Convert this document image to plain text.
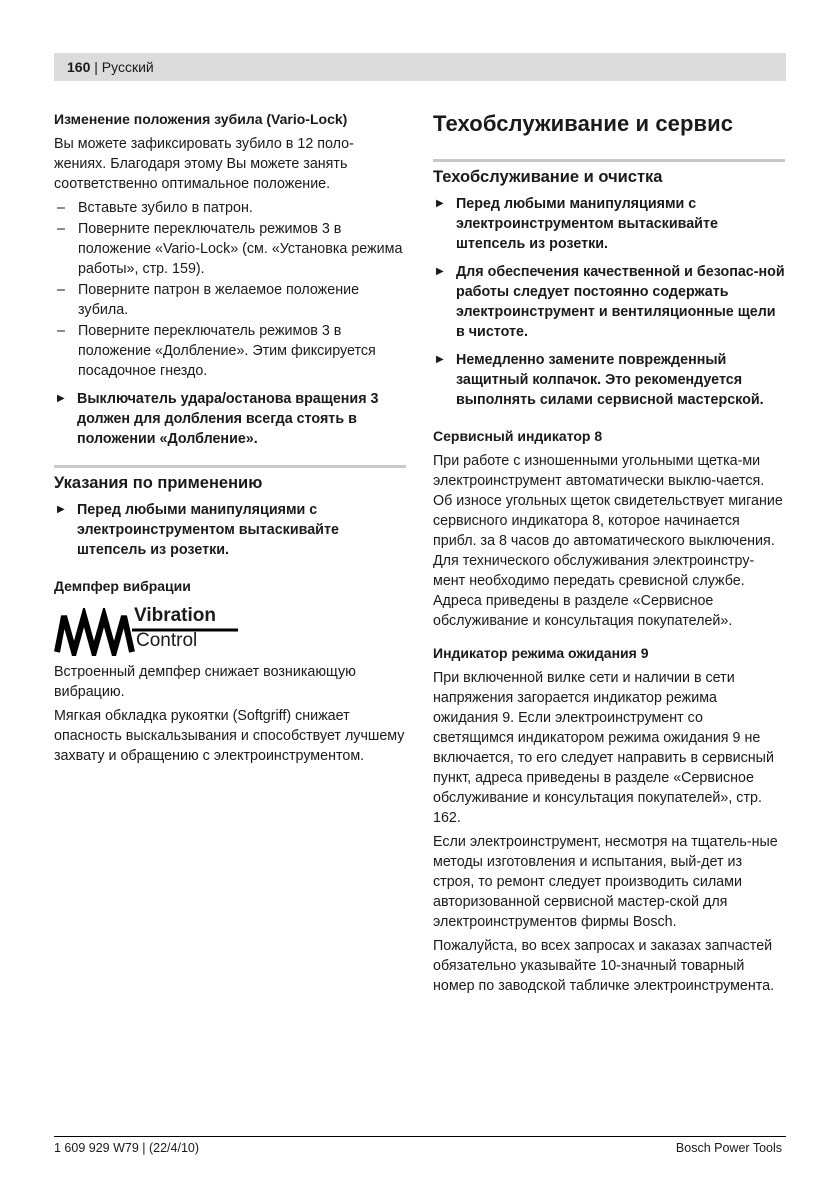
160 | Русский
Изменение положения зубила (Vario-Lock)

Вы можете зафиксировать зубило в 12 поло-жениях. Благодаря этому Вы можете занять соответственно оптимальное положение.

– Вставьте зубило в патрон.
– Поверните переключатель режимов 3 в положение «Vario-Lock» (см. «Установка режима работы», стр. 159).
– Поверните патрон в желаемое положение зубила.
– Поверните переключатель режимов 3 в положение «Долбление». Этим фиксируется посадочное гнездо.
▶ Выключатель удара/останова вращения 3 должен для долбления всегда стоять в положении «Долбление».
Указания по применению
▶ Перед любыми манипуляциями с электроинструментом вытаскивайте штепсель из розетки.
Демпфер вибрации
Vibration
Control

Встроенный демпфер снижает возникающую вибрацию.

Мягкая обкладка рукоятки (Softgriff) снижает опасность выскальзывания и способствует лучшему захвату и обращению с электроинструментом.

Техобслуживание и сервис
Техобслуживание и очистка
▶ Перед любыми манипуляциями с электроинструментом вытаскивайте штепсель из розетки.
▶ Для обеспечения качественной и безопас-ной работы следует постоянно содержать электроинструмент и вентиляционные щели в чистоте.
▶ Немедленно замените поврежденный защитный колпачок. Это рекомендуется выполнять силами сервисной мастерской.
Сервисный индикатор 8

При работе с изношенными угольными щетка-ми электроинструмент автоматически выклю-чается. Об износе угольных щеток свидетельствует мигание сервисного индикатора 8, которое начинается прибл. за 8 часов до автоматического выключения. Для технического обслуживания электроинстру-мент необходимо передать сревисной службе. Адреса приведены в разделе «Сервисное обслуживание и консультация покупателей».

Индикатор режима ожидания 9

При включенной вилке сети и наличии в сети напряжения загорается индикатор режима ожидания 9. Если электроинструмент со светящимся индикатором режима ожидания 9 не включается, то его следует направить в сервисный пункт, адреса приведены в разделе «Сервисное обслуживание и консультация покупателей», стр. 162.

Если электроинструмент, несмотря на тщатель-ные методы изготовления и испытания, вый-дет из строя, то ремонт следует производить силами авторизованной сервисной мастер-ской для электроинструментов фирмы Bosch.

Пожалуйста, во всех запросах и заказах запчастей обязательно указывайте 10-значный товарный номер по заводской табличке электроинструмента.

1 609 929 W79 | (22/4/10)	Bosch Power Tools
